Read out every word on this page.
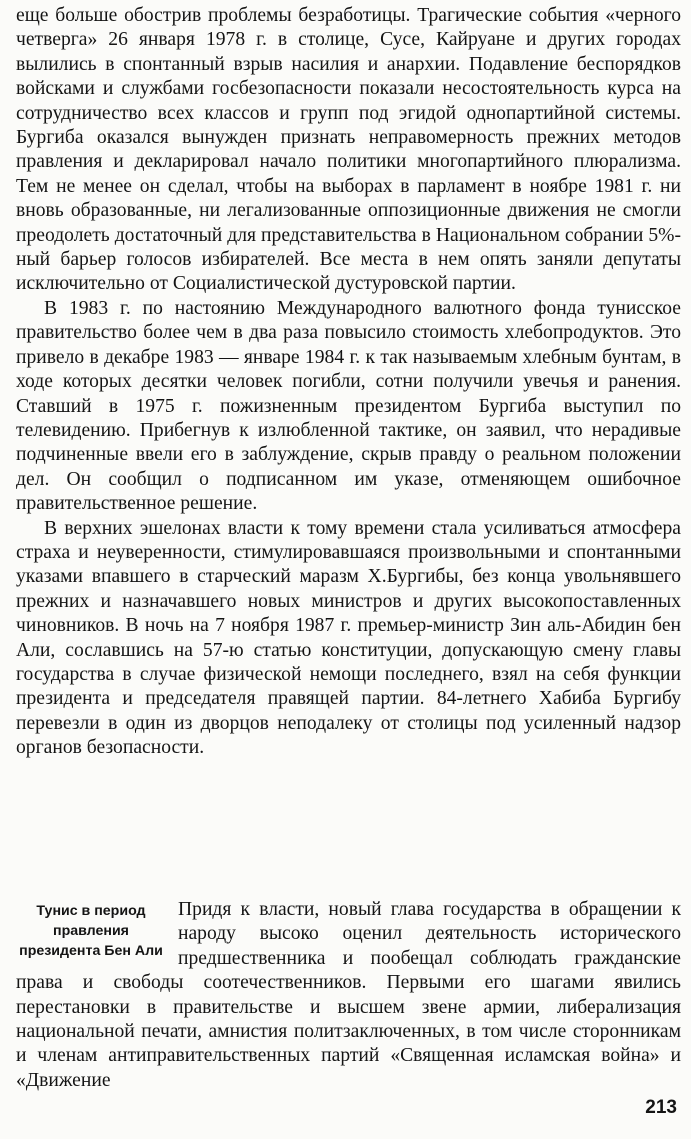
еще больше обострив проблемы безработицы. Трагические события «черного четверга» 26 января 1978 г. в столице, Сусе, Кайруане и других городах вылились в спонтанный взрыв насилия и анархии. Подавление беспорядков войсками и службами госбезопасности показали несостоятельность курса на сотрудничество всех классов и групп под эгидой однопартийной системы. Бургиба оказался вынужден признать неправомерность прежних методов правления и декларировал начало политики многопартийного плюрализма. Тем не менее он сделал, чтобы на выборах в парламент в ноябре 1981 г. ни вновь образованные, ни легализованные оппозиционные движения не смогли преодолеть достаточный для представительства в Национальном собрании 5%-ный барьер голосов избирателей. Все места в нем опять заняли депутаты исключительно от Социалистической дустуровской партии.

В 1983 г. по настоянию Международного валютного фонда тунисское правительство более чем в два раза повысило стоимость хлебопродуктов. Это привело в декабре 1983 — январе 1984 г. к так называемым хлебным бунтам, в ходе которых десятки человек погибли, сотни получили увечья и ранения. Ставший в 1975 г. пожизненным президентом Бургиба выступил по телевидению. Прибегнув к излюбленной тактике, он заявил, что нерадивые подчиненные ввели его в заблуждение, скрыв правду о реальном положении дел. Он сообщил о подписанном им указе, отменяющем ошибочное правительственное решение.

В верхних эшелонах власти к тому времени стала усиливаться атмосфера страха и неуверенности, стимулировавшаяся произвольными и спонтанными указами впавшего в старческий маразм Х.Бургибы, без конца увольнявшего прежних и назначавшего новых министров и других высокопоставленных чиновников. В ночь на 7 ноября 1987 г. премьер-министр Зин аль-Абидин бен Али, сославшись на 57-ю статью конституции, допускающую смену главы государства в случае физической немощи последнего, взял на себя функции президента и председателя правящей партии. 84-летнего Хабиба Бургибу перевезли в один из дворцов неподалеку от столицы под усиленный надзор органов безопасности.

Тунис в период правления президента Бен Али
Придя к власти, новый глава государства в обращении к народу высоко оценил деятельность исторического предшественника и пообещал соблюдать гражданские права и свободы соотечественников. Первыми его шагами явились перестановки в правительстве и высшем звене армии, либерализация национальной печати, амнистия политзаключенных, в том числе сторонникам и членам антиправительственных партий «Священная исламская война» и «Движение
213
